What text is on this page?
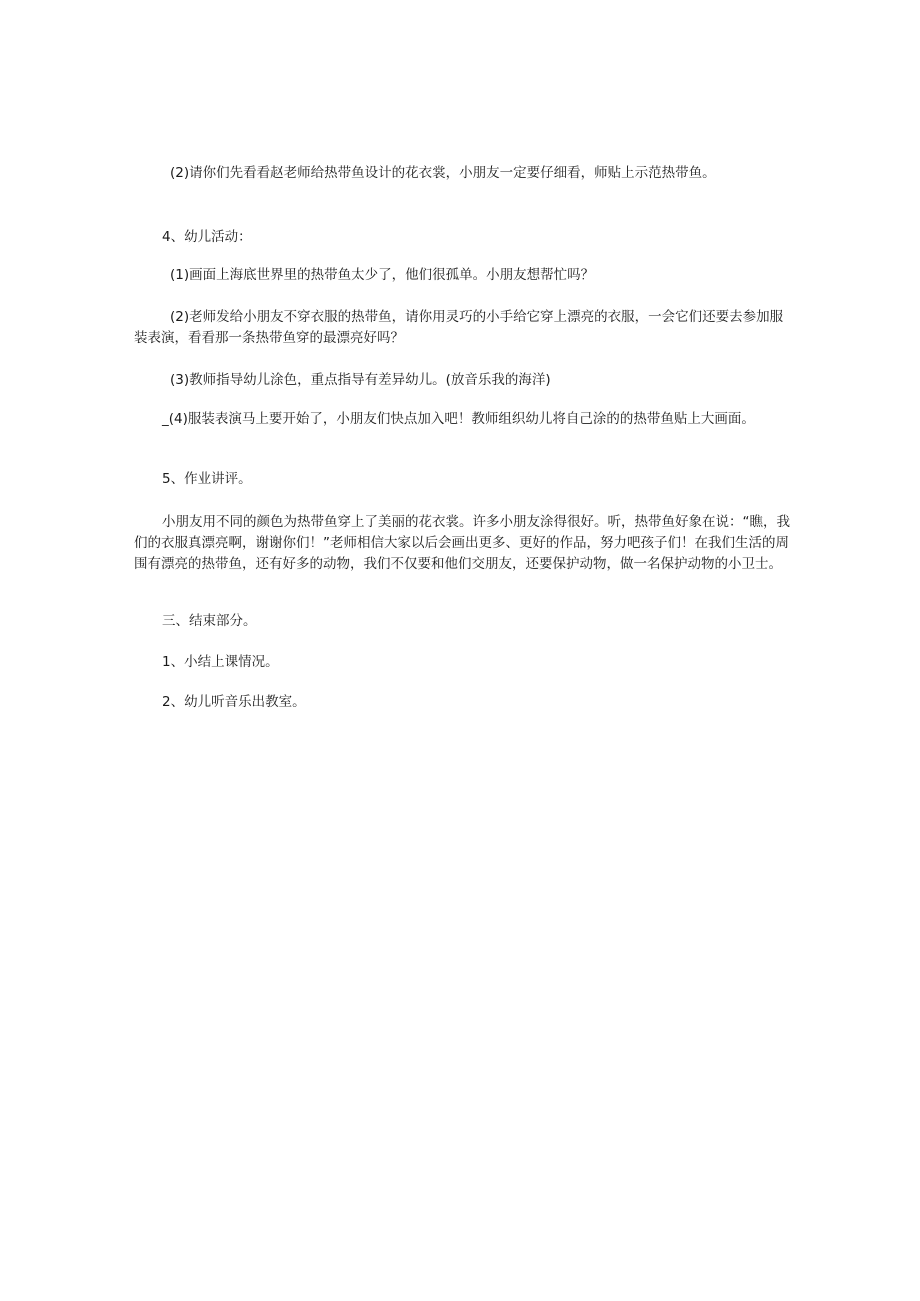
(2)请你们先看看赵老师给热带鱼设计的花衣裳，小朋友一定要仔细看，师贴上示范热带鱼。

4、幼儿活动：

(1)画面上海底世界里的热带鱼太少了，他们很孤单。小朋友想帮忙吗？

(2)老师发给小朋友不穿衣服的热带鱼，请你用灵巧的小手给它穿上漂亮的衣服，一会它们还要去参加服装表演，看看那一条热带鱼穿的最漂亮好吗？

(3)教师指导幼儿涂色，重点指导有差异幼儿。(放音乐我的海洋)

_(4)服装表演马上要开始了，小朋友们快点加入吧！教师组织幼儿将自己涂的的热带鱼贴上大画面。

5、作业讲评。

小朋友用不同的颜色为热带鱼穿上了美丽的花衣裳。许多小朋友涂得很好。听，热带鱼好象在说：“瞧，我们的衣服真漂亮啊，谢谢你们！”老师相信大家以后会画出更多、更好的作品，努力吧孩子们！在我们生活的周围有漂亮的热带鱼，还有好多的动物，我们不仅要和他们交朋友，还要保护动物，做一名保护动物的小卫士。

三、结束部分。

1、小结上课情况。

2、幼儿听音乐出教室。
